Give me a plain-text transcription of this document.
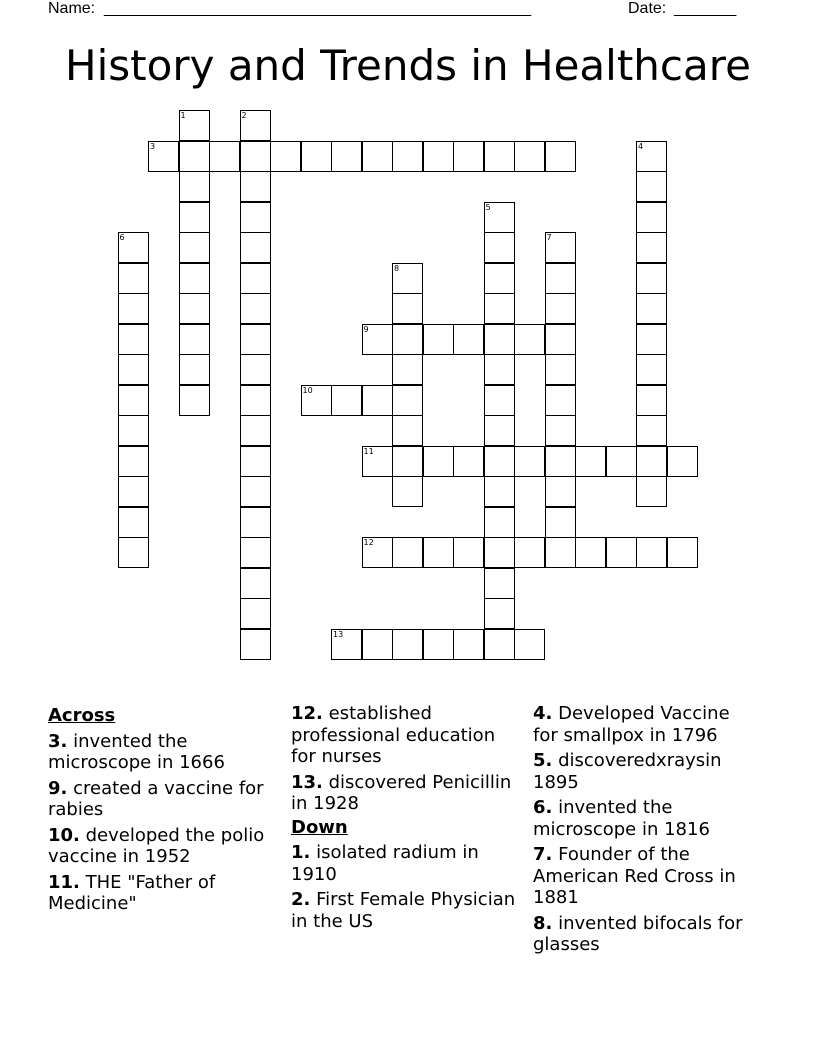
Name: ________________________________________________	Date: _______
History and Trends in Healthcare
1	2
3	4
5
6	7
8
9
10
11
12
13
Across
3. invented the microscope in 1666
9. created a vaccine for rabies
10. developed the polio vaccine in 1952
11. THE "Father of Medicine"
12. established professional education for nurses
13. discovered Penicillin in 1928
Down
1. isolated radium in 1910
2. First Female Physician in the US
4. Developed Vaccine for smallpox in 1796
5. discoveredxraysin 1895
6. invented the microscope in 1816
7. Founder of the American Red Cross in 1881
8. invented bifocals for glasses
